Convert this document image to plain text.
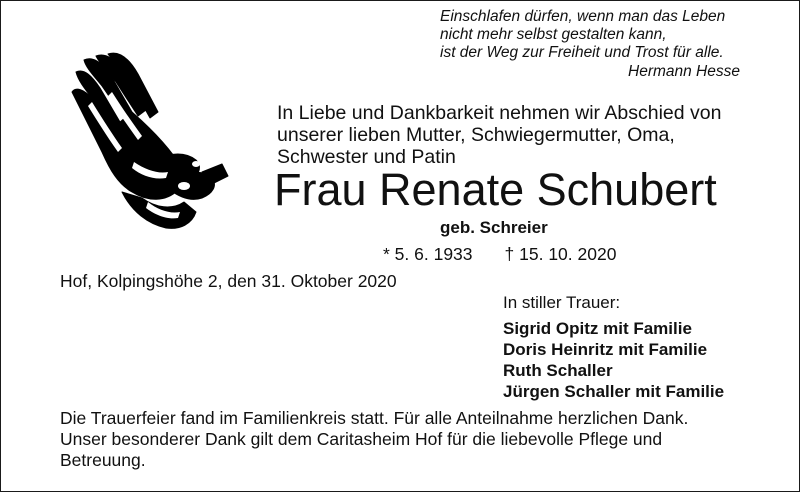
Einschlafen dürfen, wenn man das Leben
nicht mehr selbst gestalten kann,
ist der Weg zur Freiheit und Trost für alle.
Hermann Hesse
In Liebe und Dankbarkeit nehmen wir Abschied von
unserer lieben Mutter, Schwiegermutter, Oma,
Schwester und Patin
Frau Renate Schubert
geb. Schreier
* 5. 6. 1933 † 15. 10. 2020
Hof, Kolpingshöhe 2, den 31. Oktober 2020
In stiller Trauer:
Sigrid Opitz mit Familie
Doris Heinritz mit Familie
Ruth Schaller
Jürgen Schaller mit Familie
Die Trauerfeier fand im Familienkreis statt. Für alle Anteilnahme herzlichen Dank.
Unser besonderer Dank gilt dem Caritasheim Hof für die liebevolle Pflege und
Betreuung.
